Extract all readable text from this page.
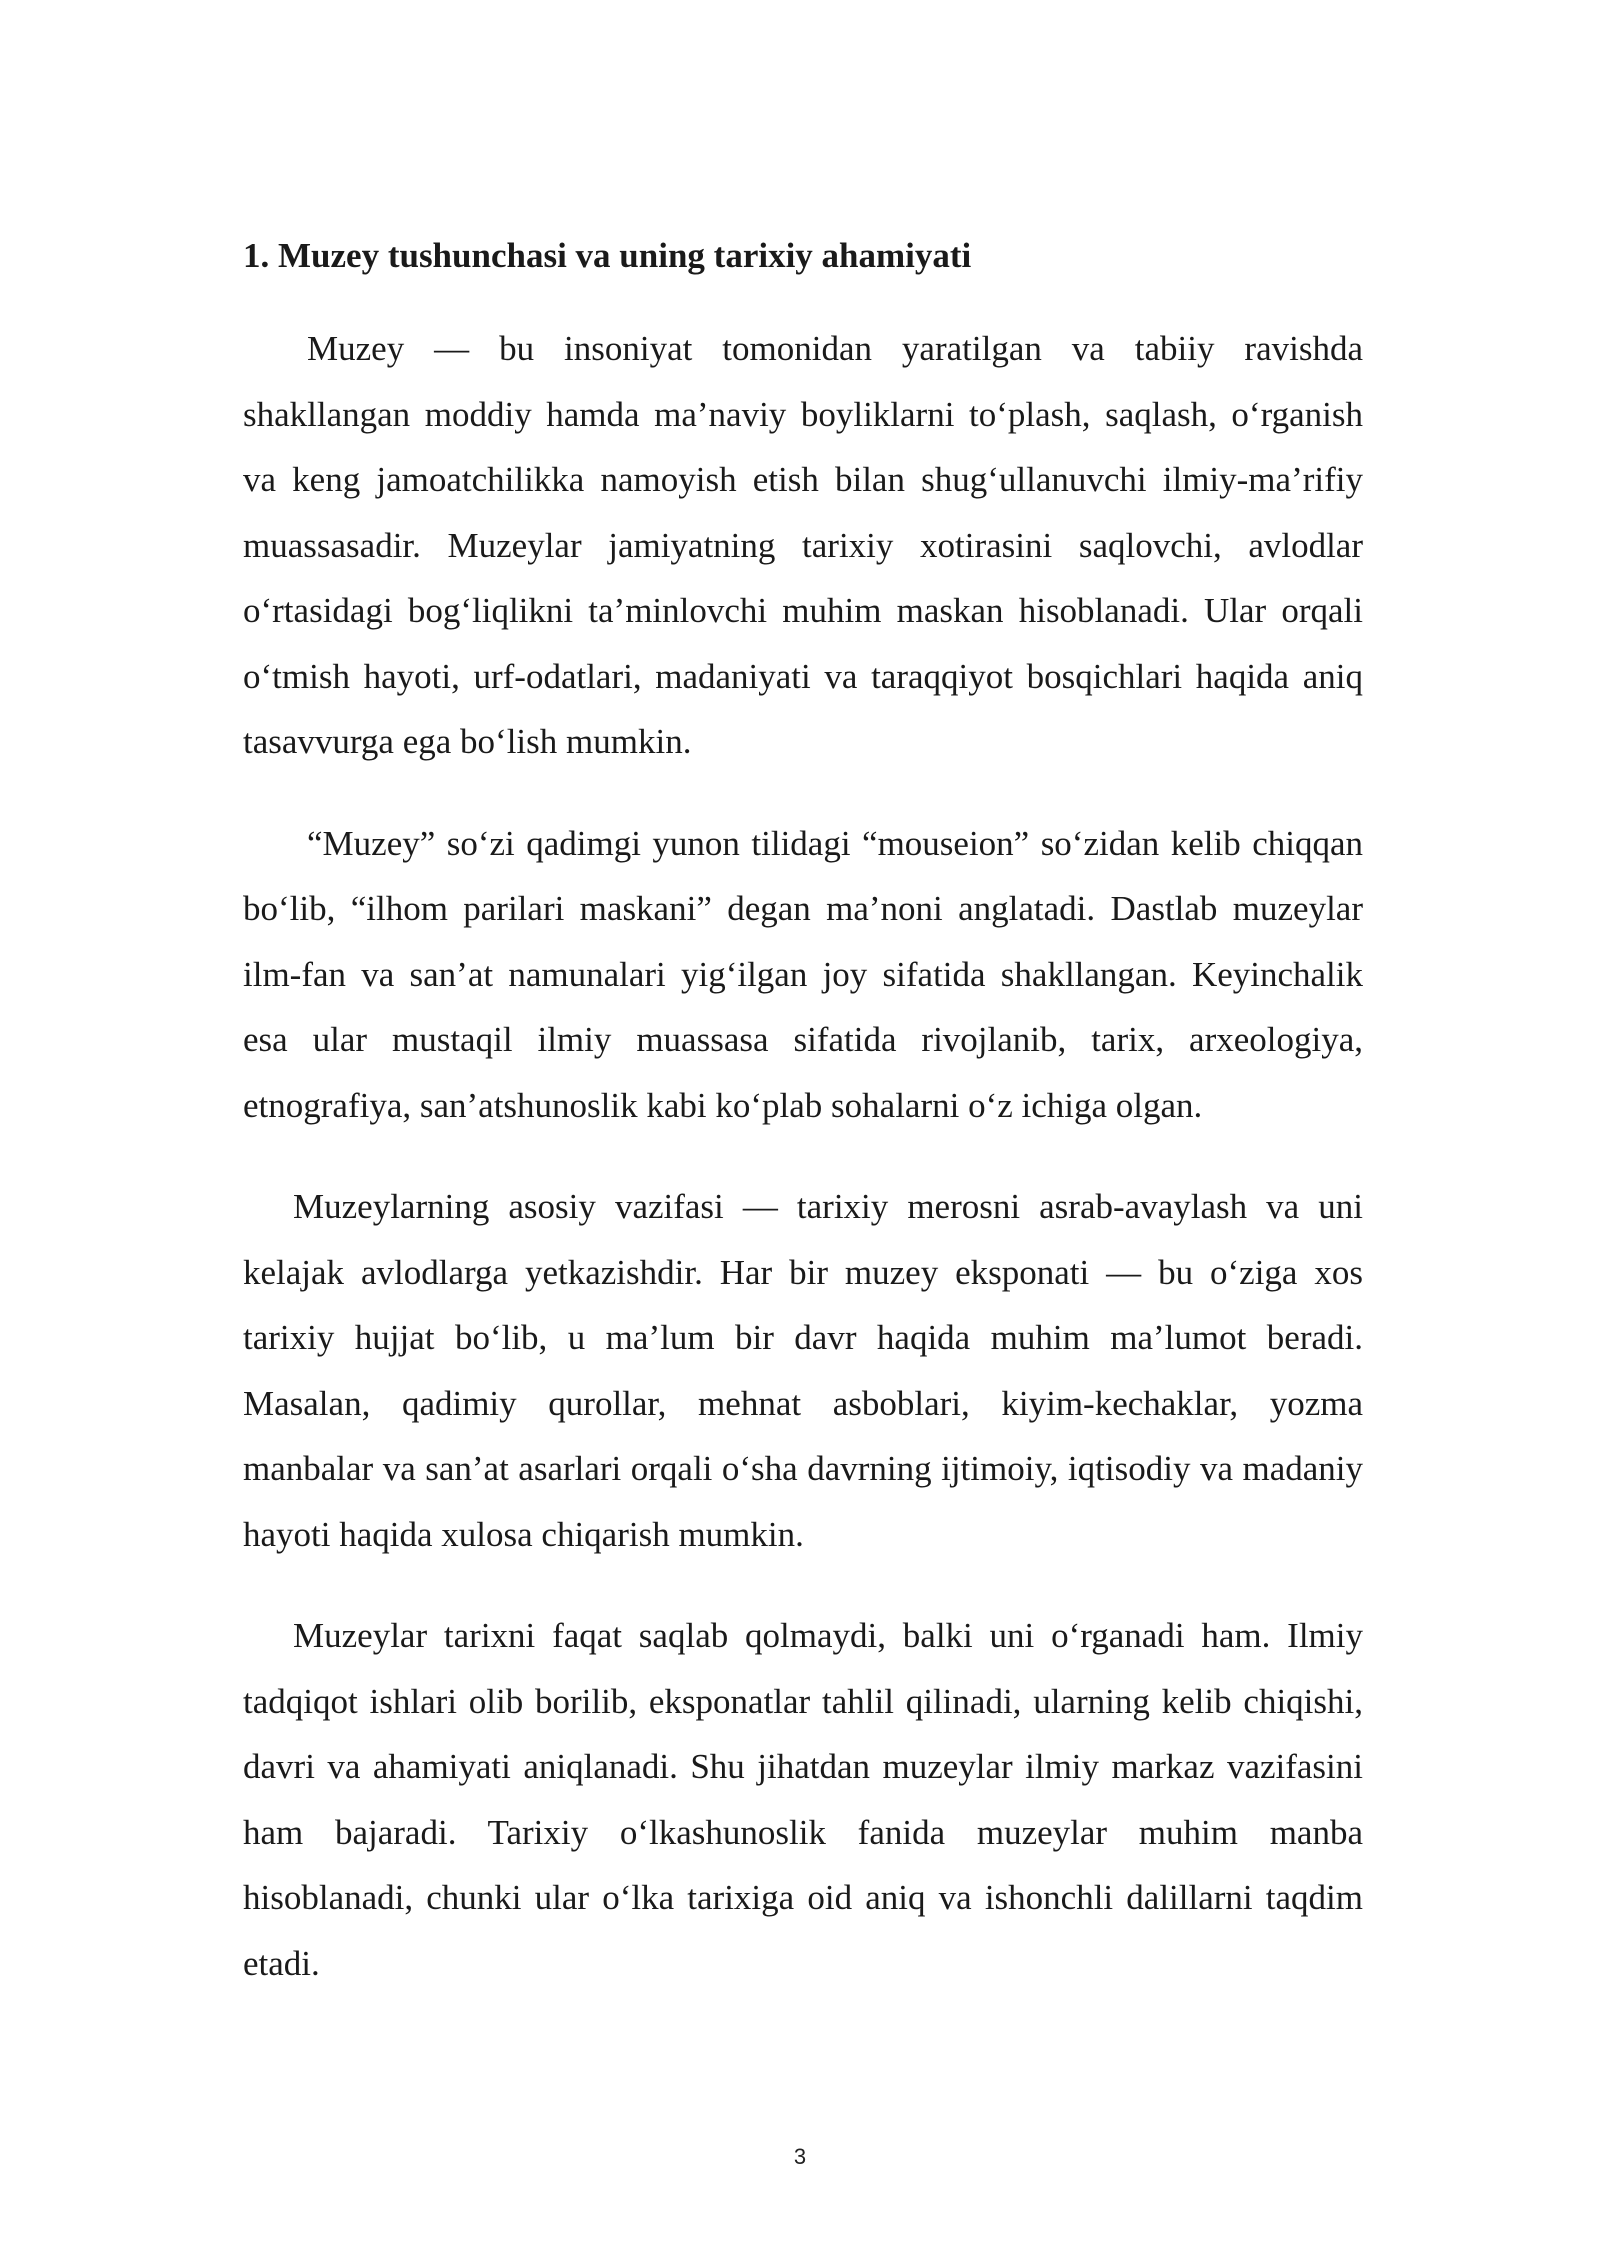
1. Muzey tushunchasi va uning tarixiy ahamiyati

Muzey — bu insoniyat tomonidan yaratilgan va tabiiy ravishda shakllangan moddiy hamda ma’naviy boyliklarni to‘plash, saqlash, o‘rganish va keng jamoatchilikka namoyish etish bilan shug‘ullanuvchi ilmiy-ma’rifiy muassasadir. Muzeylar jamiyatning tarixiy xotirasini saqlovchi, avlodlar o‘rtasidagi bog‘liqlikni ta’minlovchi muhim maskan hisoblanadi. Ular orqali o‘tmish hayoti, urf-odatlari, madaniyati va taraqqiyot bosqichlari haqida aniq tasavvurga ega bo‘lish mumkin.

“Muzey” so‘zi qadimgi yunon tilidagi “mouseion” so‘zidan kelib chiqqan bo‘lib, “ilhom parilari maskani” degan ma’noni anglatadi. Dastlab muzeylar ilm-fan va san’at namunalari yig‘ilgan joy sifatida shakllangan. Keyinchalik esa ular mustaqil ilmiy muassasa sifatida rivojlanib, tarix, arxeologiya, etnografiya, san’atshunoslik kabi ko‘plab sohalarni o‘z ichiga olgan.

Muzeylarning asosiy vazifasi — tarixiy merosni asrab-avaylash va uni kelajak avlodlarga yetkazishdir. Har bir muzey eksponati — bu o‘ziga xos tarixiy hujjat bo‘lib, u ma’lum bir davr haqida muhim ma’lumot beradi. Masalan, qadimiy qurollar, mehnat asboblari, kiyim-kechaklar, yozma manbalar va san’at asarlari orqali o‘sha davrning ijtimoiy, iqtisodiy va madaniy hayoti haqida xulosa chiqarish mumkin.

Muzeylar tarixni faqat saqlab qolmaydi, balki uni o‘rganadi ham. Ilmiy tadqiqot ishlari olib borilib, eksponatlar tahlil qilinadi, ularning kelib chiqishi, davri va ahamiyati aniqlanadi. Shu jihatdan muzeylar ilmiy markaz vazifasini ham bajaradi. Tarixiy o‘lkashunoslik fanida muzeylar muhim manba hisoblanadi, chunki ular o‘lka tarixiga oid aniq va ishonchli dalillarni taqdim etadi.

3
